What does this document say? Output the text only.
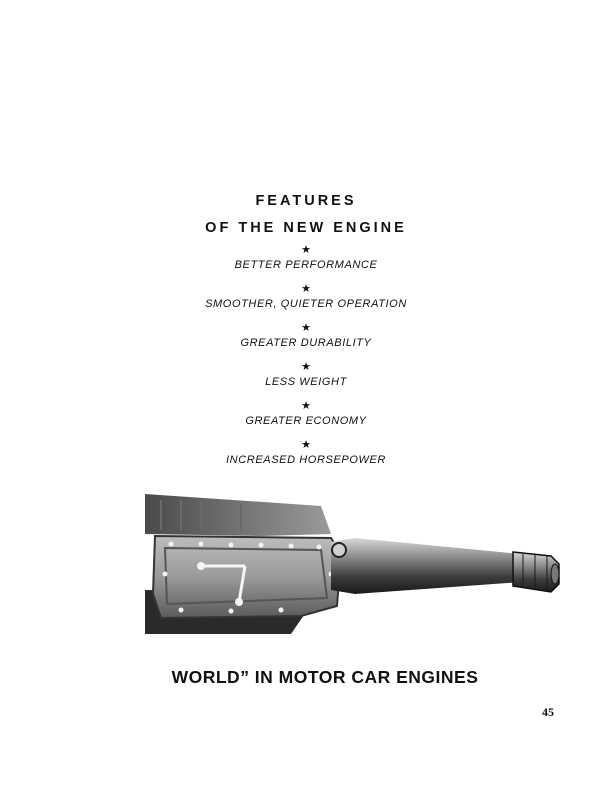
FEATURES
OF THE NEW ENGINE
★
BETTER PERFORMANCE
★
SMOOTHER, QUIETER OPERATION
★
GREATER DURABILITY
★
LESS WEIGHT
★
GREATER ECONOMY
★
INCREASED HORSEPOWER
WORLD” IN MOTOR CAR ENGINES
45
